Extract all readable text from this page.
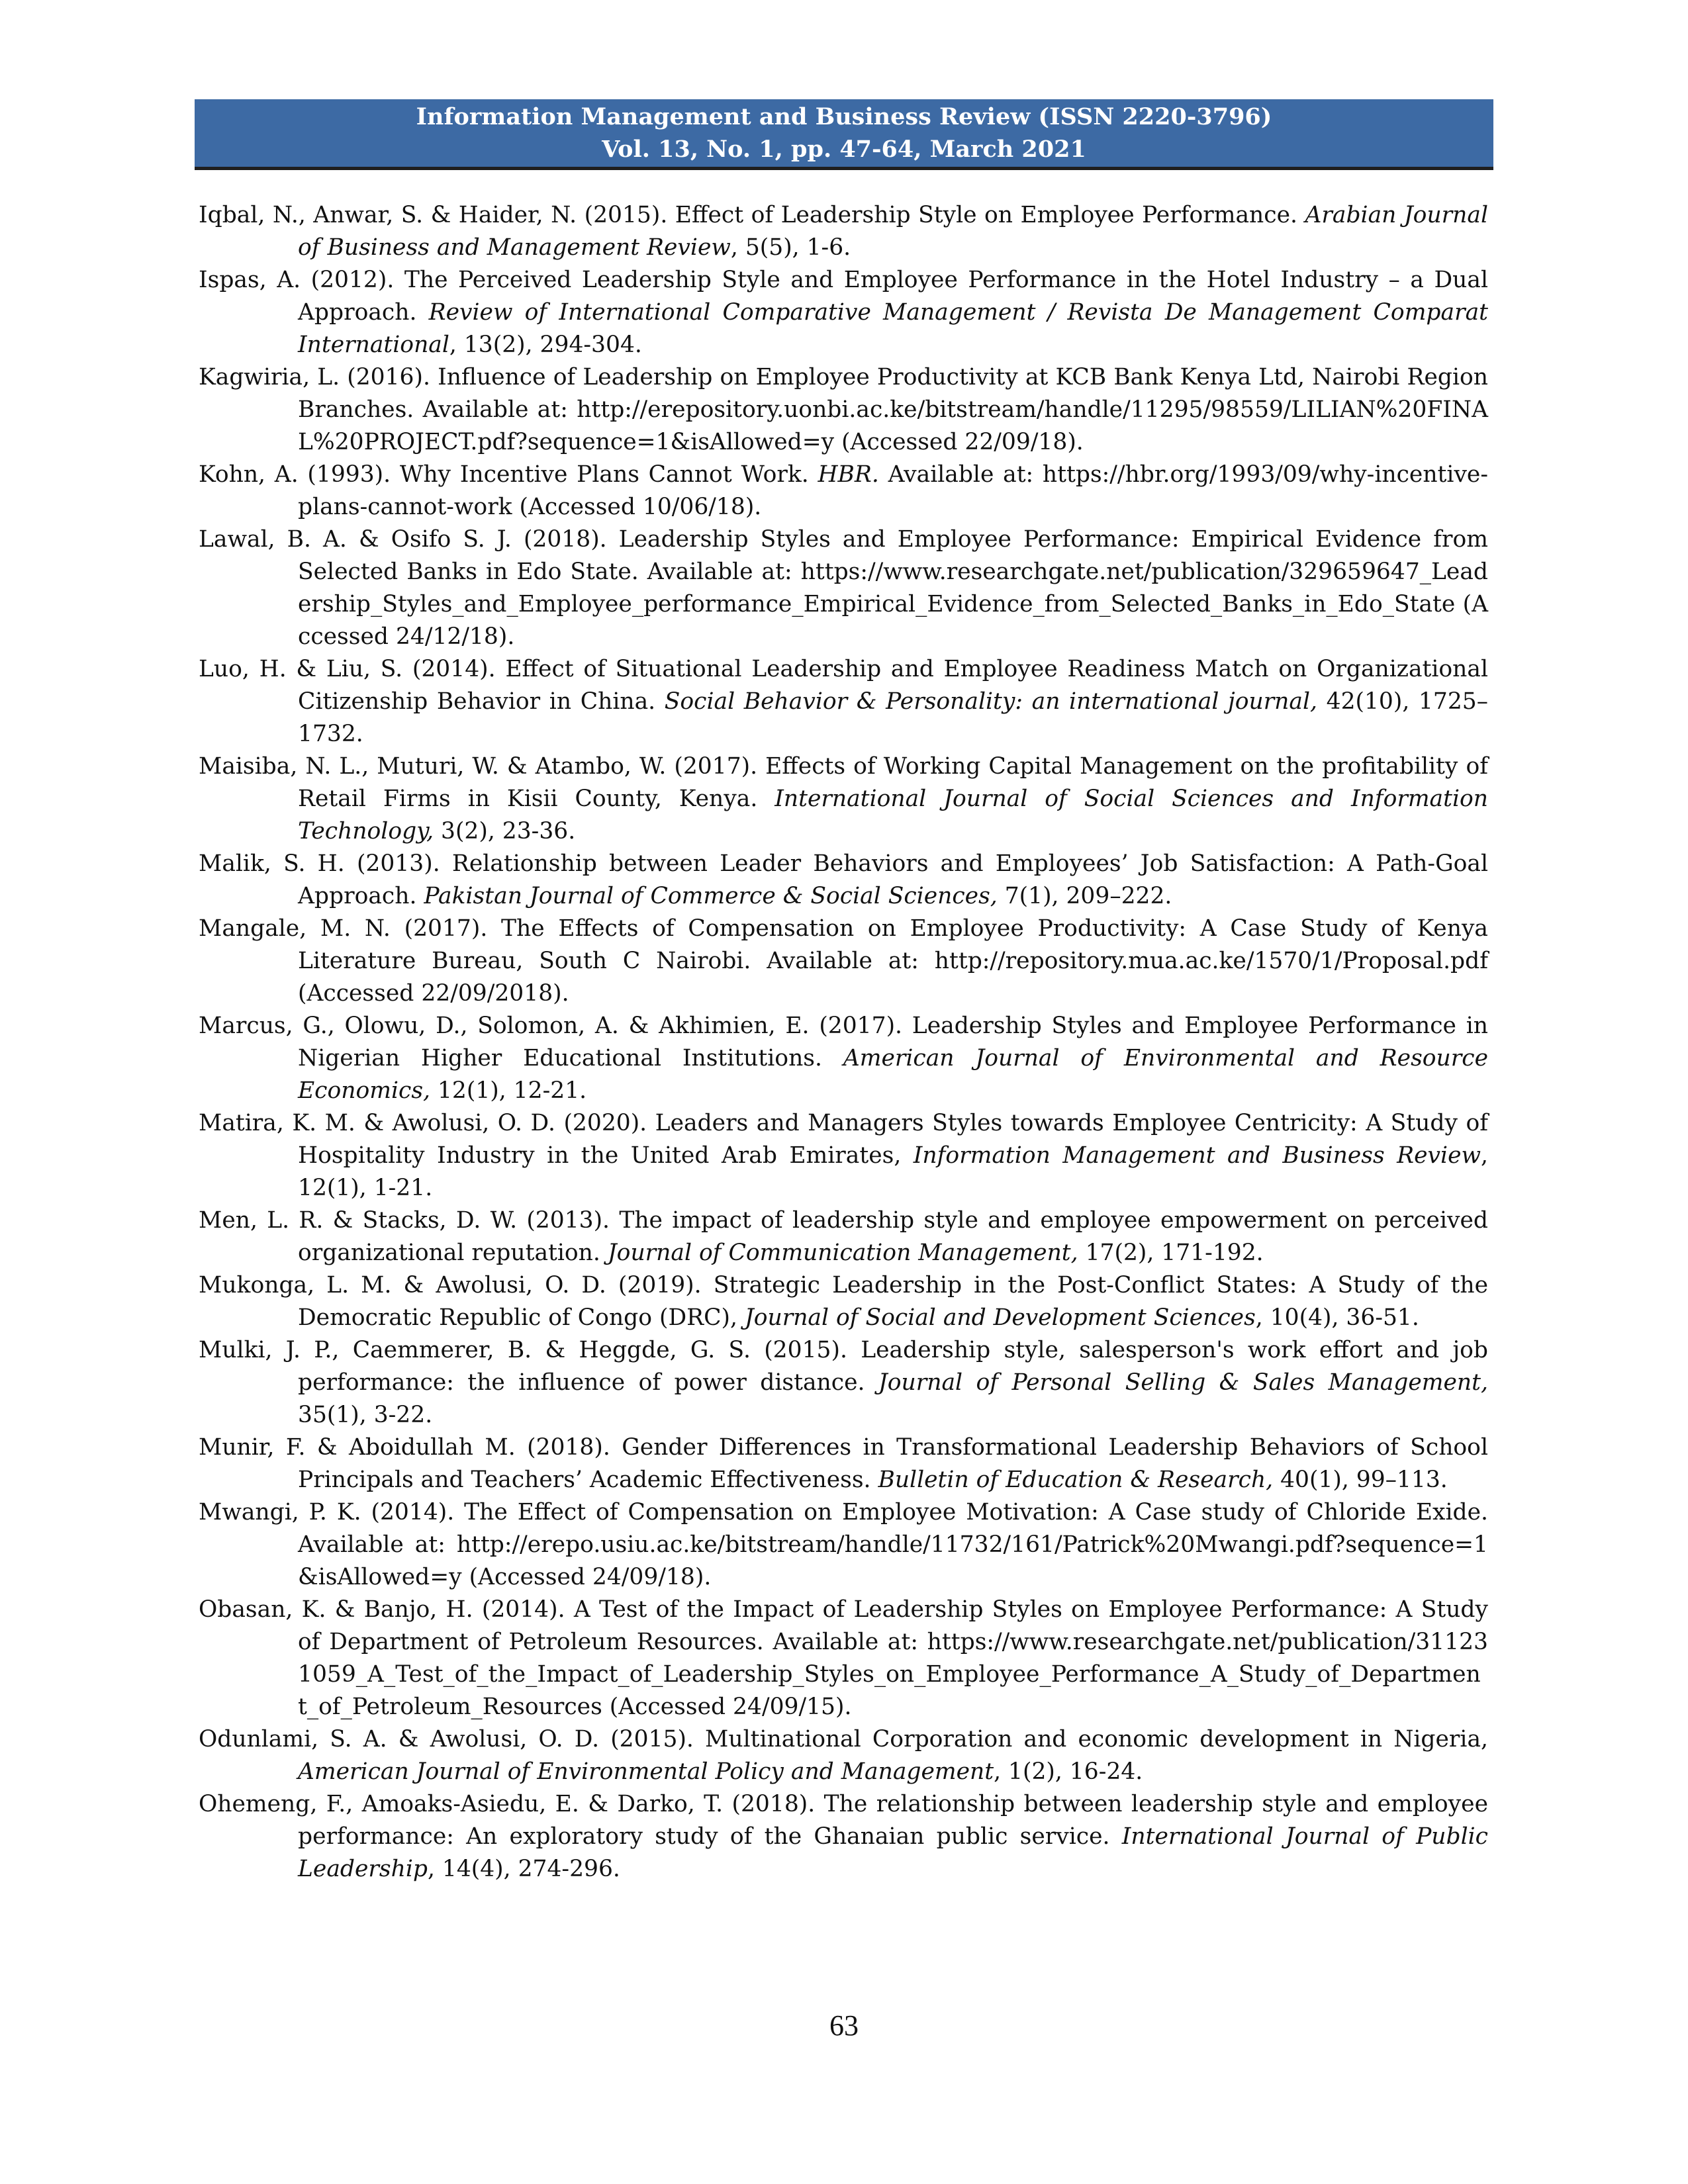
Information Management and Business Review (ISSN 2220-3796)
Vol. 13, No. 1, pp. 47-64, March 2021

Iqbal, N., Anwar, S. & Haider, N. (2015). Effect of Leadership Style on Employee Performance. Arabian Journal of Business and Management Review, 5(5), 1-6.

Ispas, A. (2012). The Perceived Leadership Style and Employee Performance in the Hotel Industry – a Dual Approach. Review of International Comparative Management / Revista De Management Comparat International, 13(2), 294-304.

Kagwiria, L. (2016). Influence of Leadership on Employee Productivity at KCB Bank Kenya Ltd, Nairobi Region Branches. Available at: http://erepository.uonbi.ac.ke/bitstream/handle/11295/98559/LILIAN%20FINAL%20PROJECT.pdf?sequence=1&isAllowed=y (Accessed 22/09/18).

Kohn, A. (1993). Why Incentive Plans Cannot Work. HBR. Available at: https://hbr.org/1993/09/why-incentive-plans-cannot-work (Accessed 10/06/18).

Lawal, B. A. & Osifo S. J. (2018). Leadership Styles and Employee Performance: Empirical Evidence from Selected Banks in Edo State. Available at: https://www.researchgate.net/publication/329659647_Leadership_Styles_and_Employee_performance_Empirical_Evidence_from_Selected_Banks_in_Edo_State (Accessed 24/12/18).

Luo, H. & Liu, S. (2014). Effect of Situational Leadership and Employee Readiness Match on Organizational Citizenship Behavior in China. Social Behavior & Personality: an international journal, 42(10), 1725–1732.

Maisiba, N. L., Muturi, W. & Atambo, W. (2017). Effects of Working Capital Management on the profitability of Retail Firms in Kisii County, Kenya. International Journal of Social Sciences and Information Technology, 3(2), 23-36.

Malik, S. H. (2013). Relationship between Leader Behaviors and Employees’ Job Satisfaction: A Path-Goal Approach. Pakistan Journal of Commerce & Social Sciences, 7(1), 209–222.

Mangale, M. N. (2017). The Effects of Compensation on Employee Productivity: A Case Study of Kenya Literature Bureau, South C Nairobi. Available at: http://repository.mua.ac.ke/1570/1/Proposal.pdf (Accessed 22/09/2018).

Marcus, G., Olowu, D., Solomon, A. & Akhimien, E. (2017). Leadership Styles and Employee Performance in Nigerian Higher Educational Institutions. American Journal of Environmental and Resource Economics, 12(1), 12-21.

Matira, K. M. & Awolusi, O. D. (2020). Leaders and Managers Styles towards Employee Centricity: A Study of Hospitality Industry in the United Arab Emirates, Information Management and Business Review, 12(1), 1-21.

Men, L. R. & Stacks, D. W. (2013). The impact of leadership style and employee empowerment on perceived organizational reputation. Journal of Communication Management, 17(2), 171-192.

Mukonga, L. M. & Awolusi, O. D. (2019). Strategic Leadership in the Post-Conflict States: A Study of the Democratic Republic of Congo (DRC), Journal of Social and Development Sciences, 10(4), 36-51.

Mulki, J. P., Caemmerer, B. & Heggde, G. S. (2015). Leadership style, salesperson's work effort and job performance: the influence of power distance. Journal of Personal Selling & Sales Management, 35(1), 3-22.

Munir, F. & Aboidullah M. (2018). Gender Differences in Transformational Leadership Behaviors of School Principals and Teachers’ Academic Effectiveness. Bulletin of Education & Research, 40(1), 99–113.

Mwangi, P. K. (2014). The Effect of Compensation on Employee Motivation: A Case study of Chloride Exide. Available at: http://erepo.usiu.ac.ke/bitstream/handle/11732/161/Patrick%20Mwangi.pdf?sequence=1&isAllowed=y (Accessed 24/09/18).

Obasan, K. & Banjo, H. (2014). A Test of the Impact of Leadership Styles on Employee Performance: A Study of Department of Petroleum Resources. Available at: https://www.researchgate.net/publication/311231059_A_Test_of_the_Impact_of_Leadership_Styles_on_Employee_Performance_A_Study_of_Department_of_Petroleum_Resources (Accessed 24/09/15).

Odunlami, S. A. & Awolusi, O. D. (2015). Multinational Corporation and economic development in Nigeria, American Journal of Environmental Policy and Management, 1(2), 16-24.

Ohemeng, F., Amoaks-Asiedu, E. & Darko, T. (2018). The relationship between leadership style and employee performance: An exploratory study of the Ghanaian public service. International Journal of Public Leadership, 14(4), 274-296.

63
